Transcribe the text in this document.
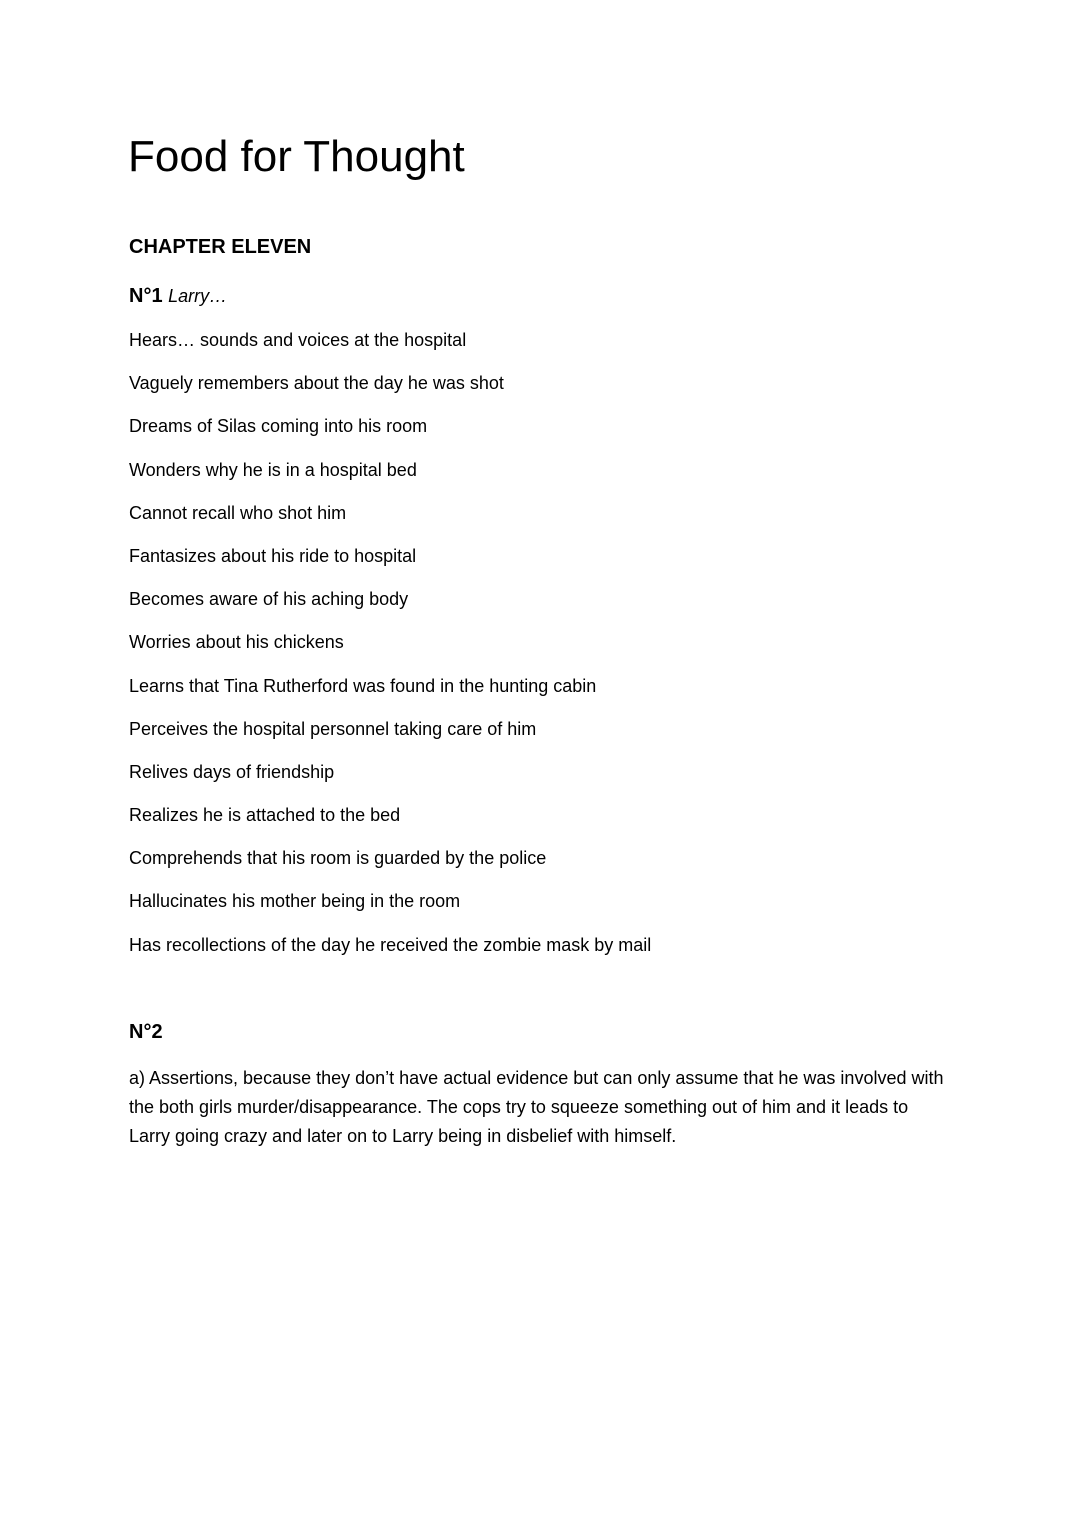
Food for Thought
CHAPTER ELEVEN

N°1 Larry…

Hears… sounds and voices at the hospital
Vaguely remembers about the day he was shot
Dreams of Silas coming into his room
Wonders why he is in a hospital bed
Cannot recall who shot him
Fantasizes about his ride to hospital
Becomes aware of his aching body
Worries about his chickens
Learns that Tina Rutherford was found in the hunting cabin
Perceives the hospital personnel taking care of him
Relives days of friendship
Realizes he is attached to the bed
Comprehends that his room is guarded by the police
Hallucinates his mother being in the room
Has recollections of the day he received the zombie mask by mail
N°2

a) Assertions, because they don’t have actual evidence but can only assume that he was involved with the both girls murder/disappearance. The cops try to squeeze something out of him and it leads to Larry going crazy and later on to Larry being in disbelief with himself.
